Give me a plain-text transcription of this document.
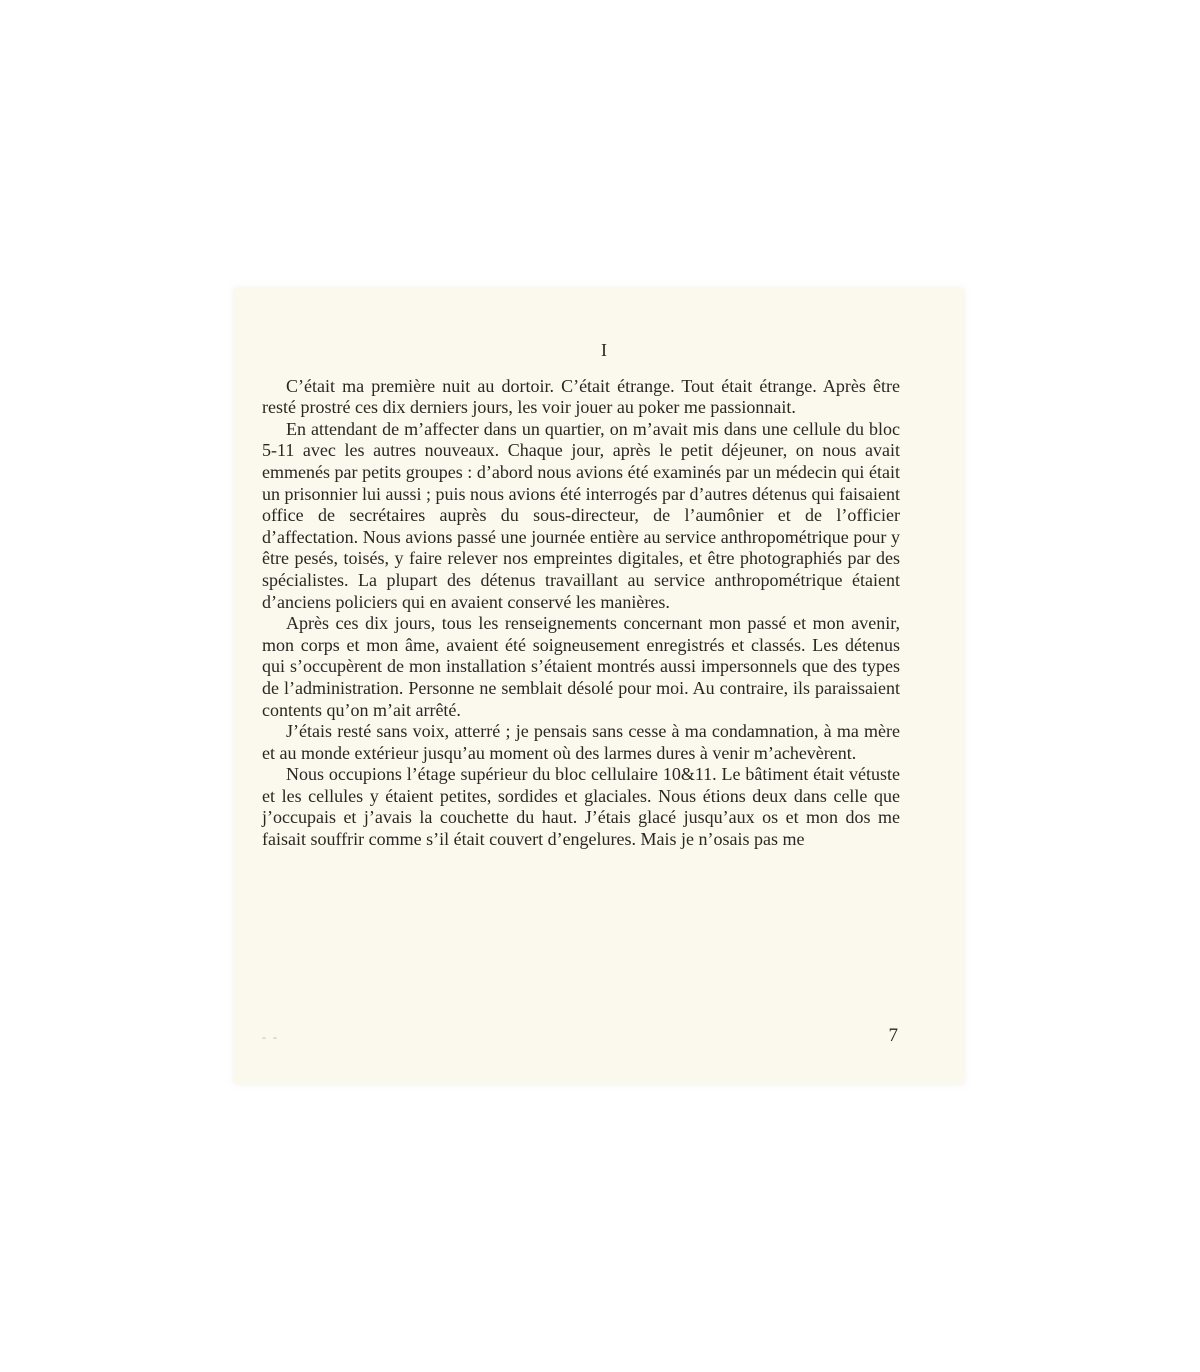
I

C’était ma première nuit au dortoir. C’était étrange. Tout était étrange. Après être resté prostré ces dix derniers jours, les voir jouer au poker me passionnait.

En attendant de m’affecter dans un quartier, on m’avait mis dans une cellule du bloc 5-11 avec les autres nouveaux. Chaque jour, après le petit déjeuner, on nous avait emmenés par petits groupes : d’abord nous avions été examinés par un médecin qui était un prisonnier lui aussi ; puis nous avions été interrogés par d’autres détenus qui faisaient office de secrétaires auprès du sous-directeur, de l’aumônier et de l’officier d’affectation. Nous avions passé une journée entière au service anthropométrique pour y être pesés, toisés, y faire relever nos empreintes digitales, et être photographiés par des spécialistes. La plupart des détenus travaillant au service anthropométrique étaient d’anciens policiers qui en avaient conservé les manières.

Après ces dix jours, tous les renseignements concernant mon passé et mon avenir, mon corps et mon âme, avaient été soigneusement enregistrés et classés. Les détenus qui s’occupèrent de mon installation s’étaient montrés aussi impersonnels que des types de l’administration. Personne ne semblait désolé pour moi. Au contraire, ils paraissaient contents qu’on m’ait arrêté.

J’étais resté sans voix, atterré ; je pensais sans cesse à ma condamnation, à ma mère et au monde extérieur jusqu’au moment où des larmes dures à venir m’achevèrent.

Nous occupions l’étage supérieur du bloc cellulaire 10&11. Le bâtiment était vétuste et les cellules y étaient petites, sordides et glaciales. Nous étions deux dans celle que j’occupais et j’avais la couchette du haut. J’étais glacé jusqu’aux os et mon dos me faisait souffrir comme s’il était couvert d’engelures. Mais je n’osais pas me

- -	7
